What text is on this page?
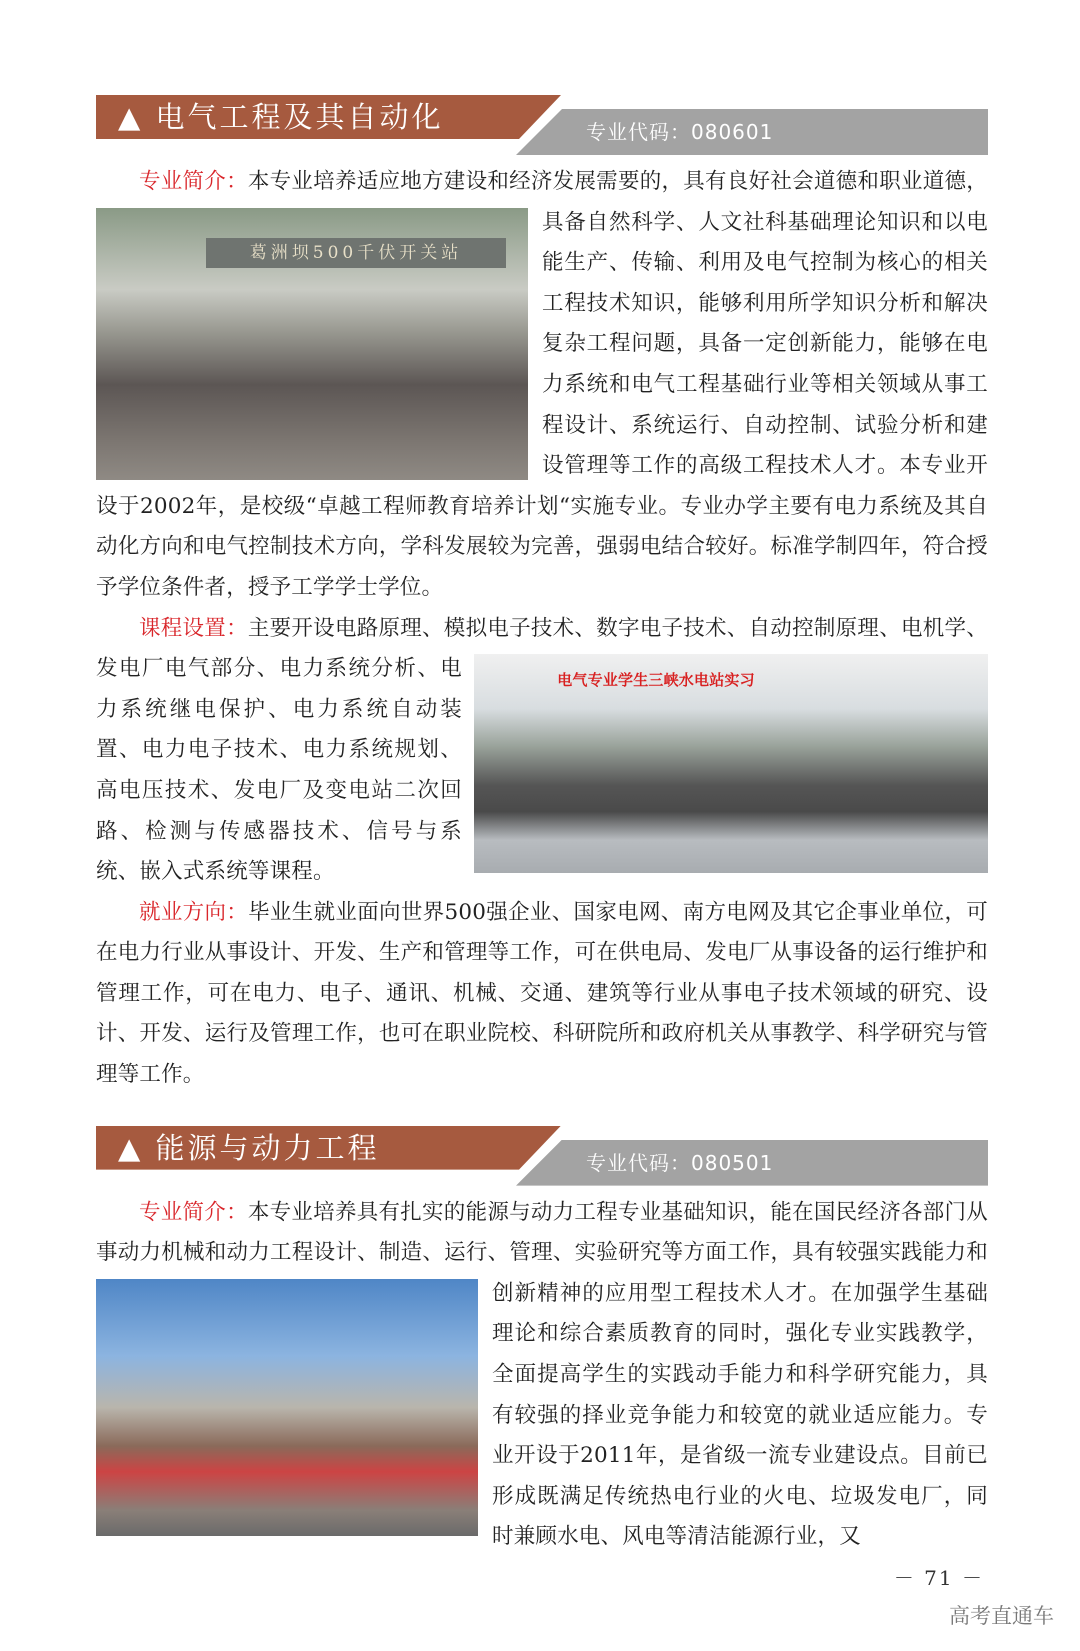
▲ 电气工程及其自动化	专业代码：080601

葛洲坝500千伏开关站
专业简介：本专业培养适应地方建设和经济发展需要的，具有良好社会道德和职业道德，具备自然科学、人文社科基础理论知识和以电能生产、传输、利用及电气控制为核心的相关工程技术知识，能够利用所学知识分析和解决复杂工程问题，具备一定创新能力，能够在电力系统和电气工程基础行业等相关领域从事工程设计、系统运行、自动控制、试验分析和建设管理等工作的高级工程技术人才。本专业开设于2002年，是校级“卓越工程师教育培养计划“实施专业。专业办学主要有电力系统及其自动化方向和电气控制技术方向，学科发展较为完善，强弱电结合较好。标准学制四年，符合授予学位条件者，授予工学学士学位。

电气专业学生三峡水电站实习
课程设置：主要开设电路原理、模拟电子技术、数字电子技术、自动控制原理、电机学、发电厂电气部分、电力系统分析、电力系统继电保护、电力系统自动装置、电力电子技术、电力系统规划、高电压技术、发电厂及变电站二次回路、检测与传感器技术、信号与系统、嵌入式系统等课程。

就业方向：毕业生就业面向世界500强企业、国家电网、南方电网及其它企事业单位，可在电力行业从事设计、开发、生产和管理等工作，可在供电局、发电厂从事设备的运行维护和管理工作，可在电力、电子、通讯、机械、交通、建筑等行业从事电子技术领域的研究、设计、开发、运行及管理工作，也可在职业院校、科研院所和政府机关从事教学、科学研究与管理等工作。

▲ 能源与动力工程	专业代码：080501

专业简介：本专业培养具有扎实的能源与动力工程专业基础知识，能在国民经济各部门从事动力机械和动力工程设计、制造、运行、管理、实验研究等方面工作，具有较强实践能力和创新精神的应用型工程技术人才。在加强学生基础理论和综合素质教育的同时，强化专业实践教学，全面提高学生的实践动手能力和科学研究能力，具有较强的择业竞争能力和较宽的就业适应能力。专业开设于2011年，是省级一流专业建设点。目前已形成既满足传统热电行业的火电、垃圾发电厂，同时兼顾水电、风电等清洁能源行业，又

－ 71 －
高考直通车
